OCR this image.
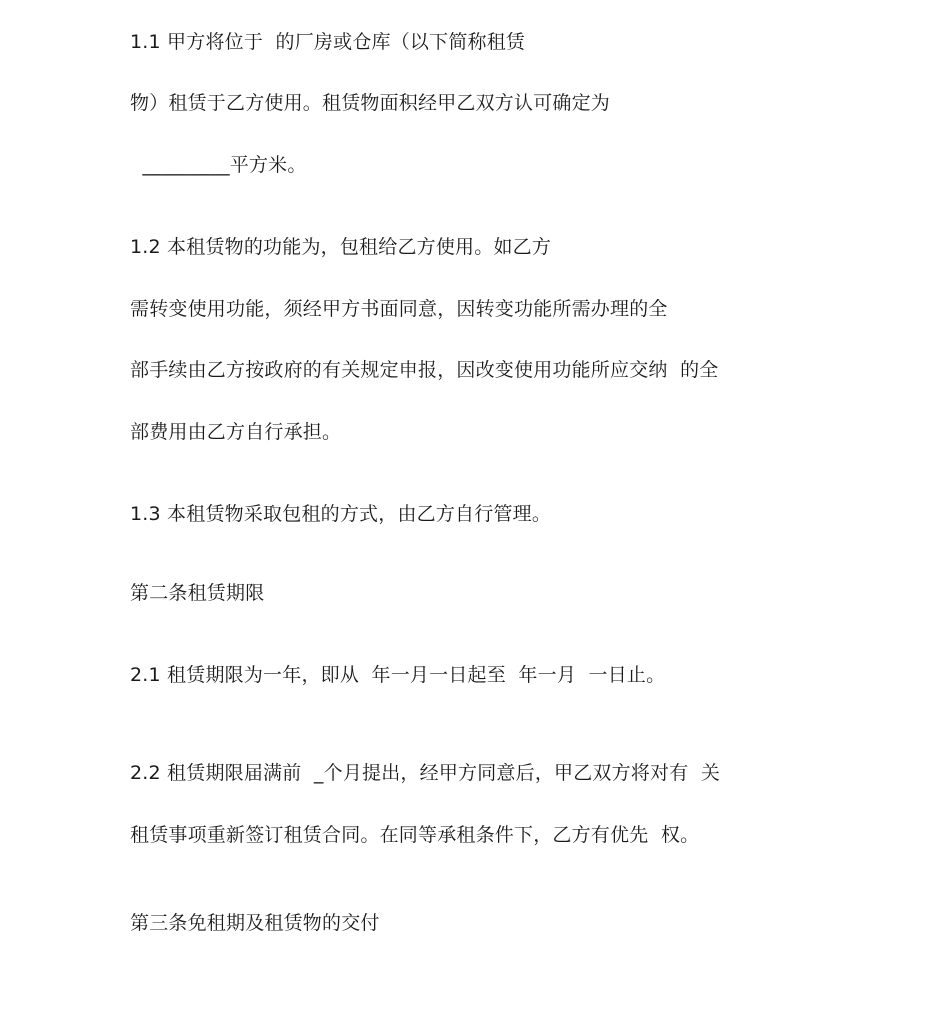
1.1 甲方将位于  的厂房或仓库（以下简称租赁
物）租赁于乙方使用。租赁物面积经甲乙双方认可确定为
_________平方米。
1.2 本租赁物的功能为，包租给乙方使用。如乙方
需转变使用功能，须经甲方书面同意，因转变功能所需办理的全
部手续由乙方按政府的有关规定申报，因改变使用功能所应交纳  的全
部费用由乙方自行承担。
1.3 本租赁物采取包租的方式，由乙方自行管理。
第二条租赁期限
2.1 租赁期限为一年，即从  年一月一日起至  年一月  一日止。
2.2 租赁期限届满前  _个月提出，经甲方同意后，甲乙双方将对有  关
租赁事项重新签订租赁合同。在同等承租条件下，乙方有优先  权。
第三条免租期及租赁物的交付
